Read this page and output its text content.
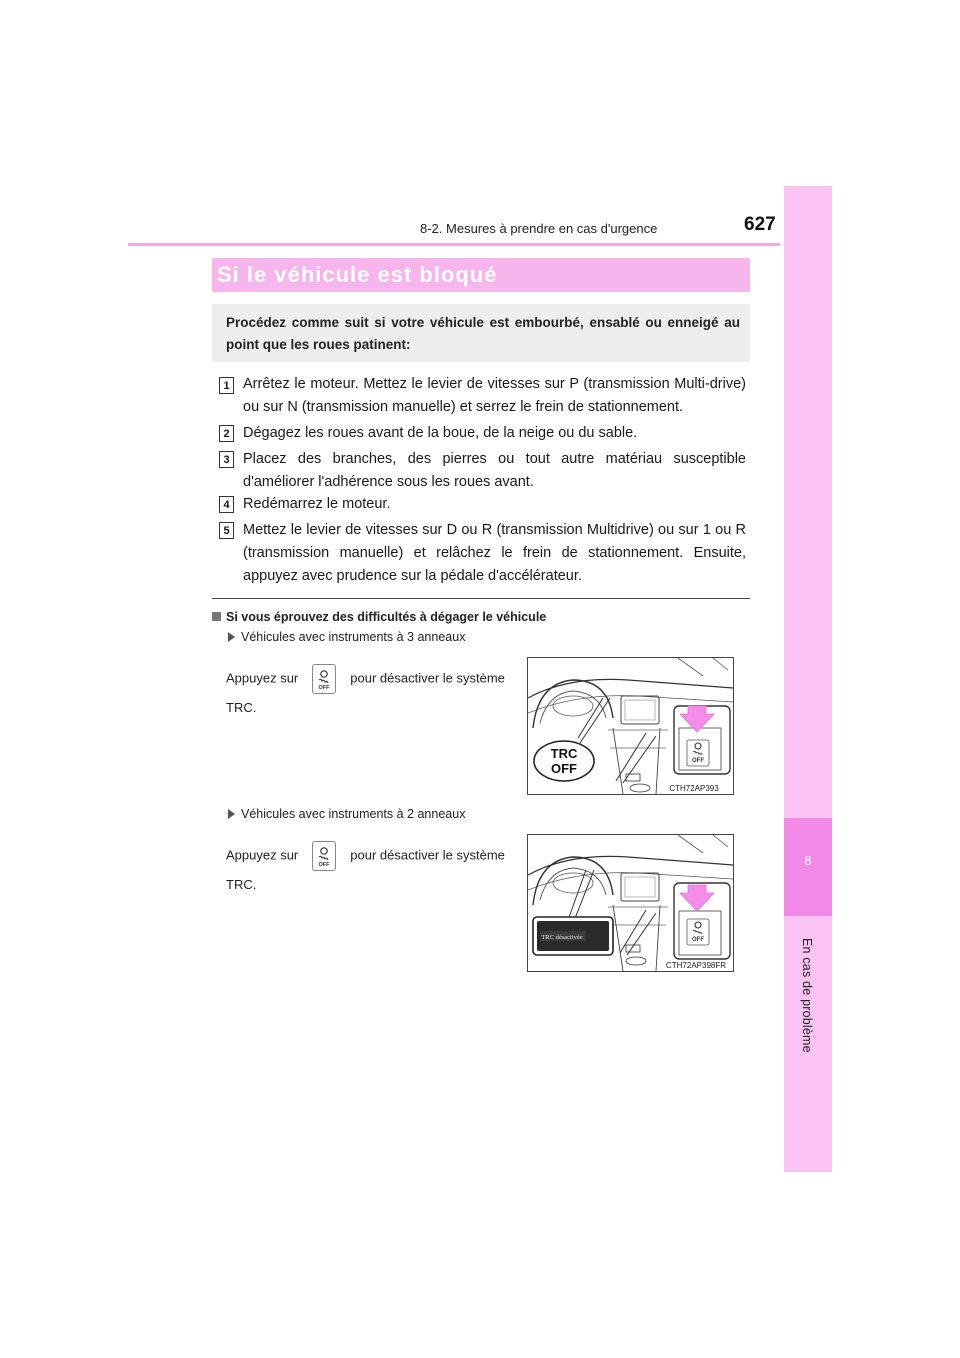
8-2. Mesures à prendre en cas d'urgence	627
8
En cas de problème
Si le véhicule est bloqué
Procédez comme suit si votre véhicule est embourbé, ensablé ou enneigé au point que les roues patinent:
1 Arrêtez le moteur. Mettez le levier de vitesses sur P (transmission Multi-drive) ou sur N (transmission manuelle) et serrez le frein de stationnement.
2 Dégagez les roues avant de la boue, de la neige ou du sable.
3 Placez des branches, des pierres ou tout autre matériau susceptible d'améliorer l'adhérence sous les roues avant.
4 Redémarrez le moteur.
5 Mettez le levier de vitesses sur D ou R (transmission Multidrive) ou sur 1 ou R (transmission manuelle) et relâchez le frein de stationnement. Ensuite, appuyez avec prudence sur la pédale d'accélérateur.
Si vous éprouvez des difficultés à dégager le véhicule
Véhicules avec instruments à 3 anneaux
Appuyez sur
OFF
pour désactiver le système
TRC.
OFF
TRC
OFF
CTH72AP393
Véhicules avec instruments à 2 anneaux
Appuyez sur
OFF
pour désactiver le système
TRC.
OFF
TRC désactivée
CTH72AP398FR
